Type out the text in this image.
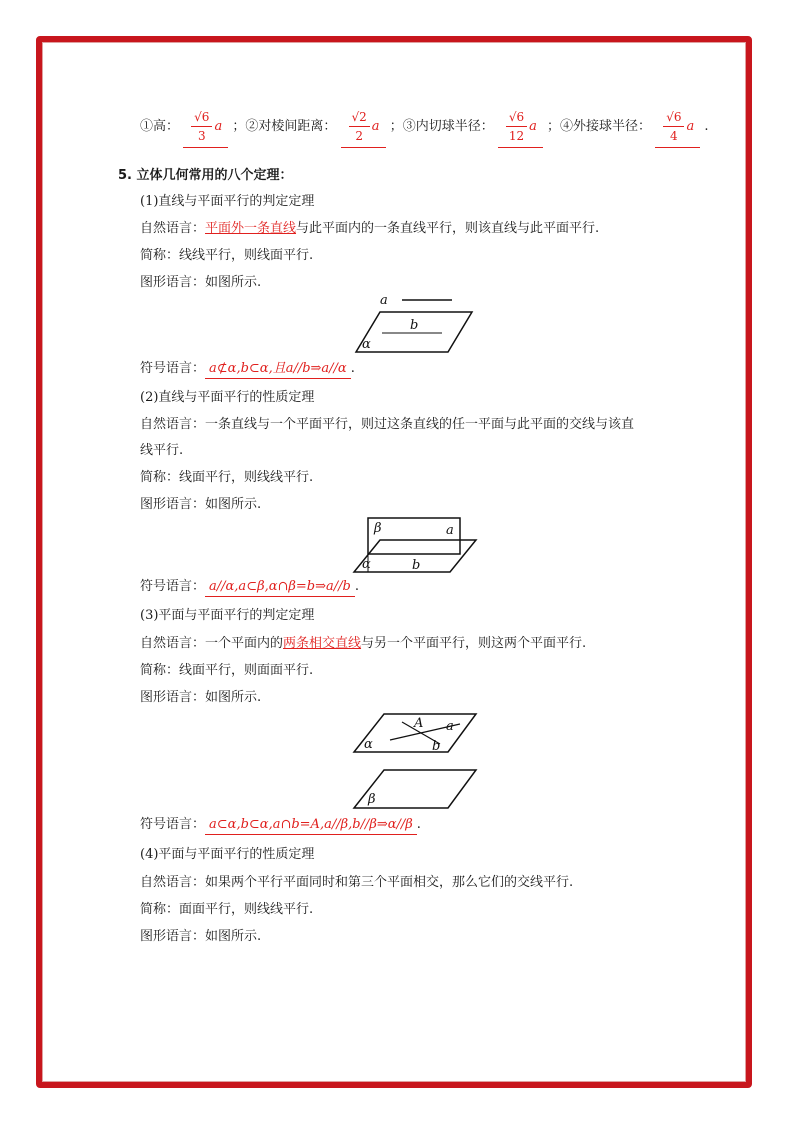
①高： $\frac{√6}{3}$ a ；②对棱间距离： $\frac{√2}{2}$ a ；③内切球半径： $\frac{√6}{12}$ a ；④外接球半径： $\frac{√6}{4}$ a .
5. 立体几何常用的八个定理：
(1)直线与平面平行的判定定理
自然语言：平面外一条直线与此平面内的一条直线平行，则该直线与此平面平行.
简称：线线平行，则线面平行.
图形语言：如图所示.
a
b
α
符号语言： a⊄α,b⊂α,且a//b⇒a//α .
(2)直线与平面平行的性质定理
自然语言：一条直线与一个平面平行，则过这条直线的任一平面与此平面的交线与该直
线平行.
简称：线面平行，则线线平行.
图形语言：如图所示.
β	a
α	b
符号语言： a//α,a⊂β,α∩β=b⇒a//b .
(3)平面与平面平行的判定定理
自然语言：一个平面内的两条相交直线与另一个平面平行，则这两个平面平行.
简称：线面平行，则面面平行.
图形语言：如图所示.
A a
α	b
β
符号语言： a⊂α,b⊂α,a∩b=A,a//β,b//β⇒α//β .
(4)平面与平面平行的性质定理
自然语言：如果两个平行平面同时和第三个平面相交，那么它们的交线平行.
简称：面面平行，则线线平行.
图形语言：如图所示.
